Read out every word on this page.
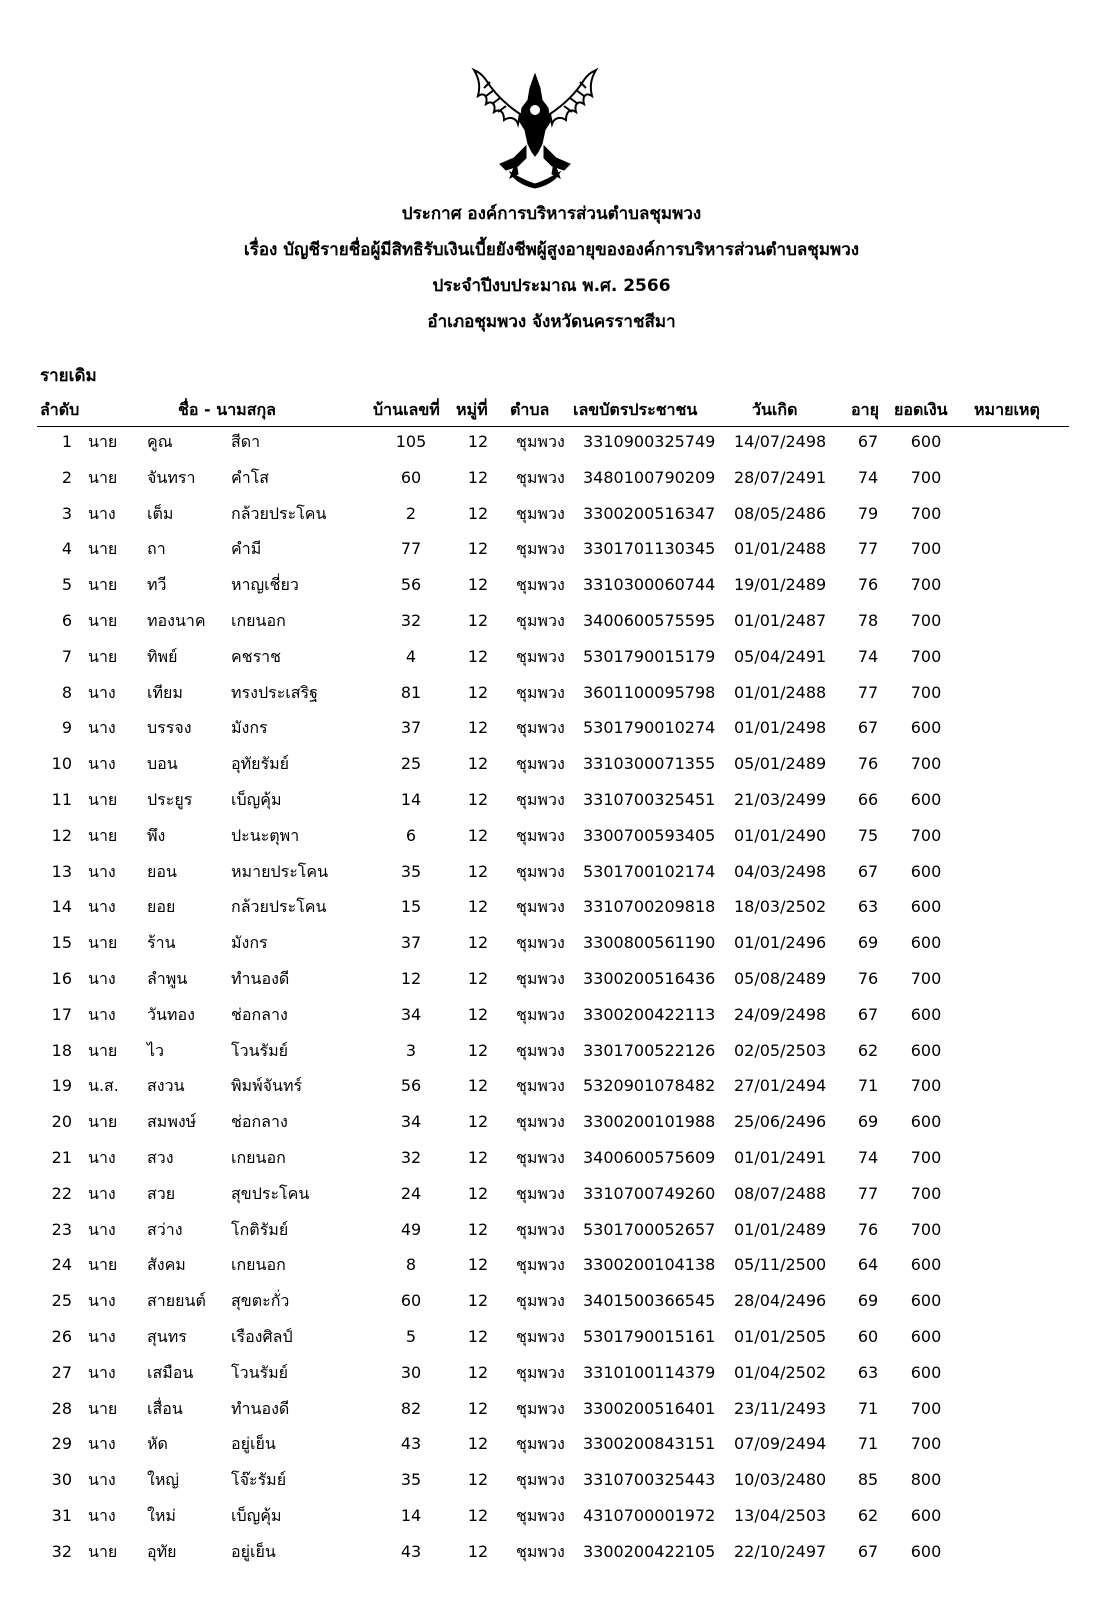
ประกาศ องค์การบริหารส่วนตำบลชุมพวง
เรื่อง บัญชีรายชื่อผู้มีสิทธิรับเงินเบี้ยยังชีพผู้สูงอายุขององค์การบริหารส่วนตำบลชุมพวง
ประจำปีงบประมาณ พ.ศ. 2566
อำเภอชุมพวง จังหวัดนครราชสีมา
รายเดิม
ลำดับ	ชื่อ - นามสกุล	บ้านเลขที่ หมู่ที่ ตำบล เลขบัตรประชาชน	วันเกิด	อายุ ยอดเงิน หมายเหตุ
1 นาย คูณ	สีดา	105	12	ชุมพวง 3310900325749 14/07/2498	67	600
2 นาย จันทรา คำโส	60	12	ชุมพวง 3480100790209 28/07/2491	74	700
3 นาง เต็ม	กล้วยประโคน	2	12	ชุมพวง 3300200516347 08/05/2486	79	700
4 นาย ถา	คำมี	77	12	ชุมพวง 3301701130345 01/01/2488	77	700
5 นาย ทวี	หาญเชี่ยว	56	12	ชุมพวง 3310300060744 19/01/2489	76	700
6 นาย ทองนาค เกยนอก	32	12	ชุมพวง 3400600575595 01/01/2487	78	700
7 นาย ทิพย์	คชราช	4	12	ชุมพวง 5301790015179 05/04/2491	74	700
8 นาง เทียม	ทรงประเสริฐ	81	12	ชุมพวง 3601100095798 01/01/2488	77	700
9 นาง บรรจง มังกร	37	12	ชุมพวง 5301790010274 01/01/2498	67	600
10 นาง บอน	อุทัยรัมย์	25	12	ชุมพวง 3310300071355 05/01/2489	76	700
11 นาย ประยูร เบ็ญคุ้ม	14	12	ชุมพวง 3310700325451 21/03/2499	66	600
12 นาย พึง	ปะนะตุพา	6	12	ชุมพวง 3300700593405 01/01/2490	75	700
13 นาง ยอน	หมายประโคน	35	12	ชุมพวง 5301700102174 04/03/2498	67	600
14 นาง ยอย	กล้วยประโคน	15	12	ชุมพวง 3310700209818 18/03/2502	63	600
15 นาย ร้าน	มังกร	37	12	ชุมพวง 3300800561190 01/01/2496	69	600
16 นาง ลำพูน	ทำนองดี	12	12	ชุมพวง 3300200516436 05/08/2489	76	700
17 นาง วันทอง ช่อกลาง	34	12	ชุมพวง 3300200422113 24/09/2498	67	600
18 นาย ไว	โวนรัมย์	3	12	ชุมพวง 3301700522126 02/05/2503	62	600
19 น.ส. สงวน	พิมพ์จันทร์	56	12	ชุมพวง 5320901078482 27/01/2494	71	700
20 นาย สมพงษ์ ช่อกลาง	34	12	ชุมพวง 3300200101988 25/06/2496	69	600
21 นาง สวง	เกยนอก	32	12	ชุมพวง 3400600575609 01/01/2491	74	700
22 นาง สวย	สุขประโคน	24	12	ชุมพวง 3310700749260 08/07/2488	77	700
23 นาง สว่าง	โกติรัมย์	49	12	ชุมพวง 5301700052657 01/01/2489	76	700
24 นาย สังคม	เกยนอก	8	12	ชุมพวง 3300200104138 05/11/2500	64	600
25 นาง สายยนต์ สุขตะกั่ว	60	12	ชุมพวง 3401500366545 28/04/2496	69	600
26 นาง สุนทร	เรืองศิลป์	5	12	ชุมพวง 5301790015161 01/01/2505	60	600
27 นาง เสมือน โวนรัมย์	30	12	ชุมพวง 3310100114379 01/04/2502	63	600
28 นาย เสื่อน	ทำนองดี	82	12	ชุมพวง 3300200516401 23/11/2493	71	700
29 นาง หัด	อยู่เย็น	43	12	ชุมพวง 3300200843151 07/09/2494	71	700
30 นาง ใหญ่	โจ๊ะรัมย์	35	12	ชุมพวง 3310700325443 10/03/2480	85	800
31 นาง ใหม่	เบ็ญคุ้ม	14	12	ชุมพวง 4310700001972 13/04/2503	62	600
32 นาย อุทัย	อยู่เย็น	43	12	ชุมพวง 3300200422105 22/10/2497	67	600
